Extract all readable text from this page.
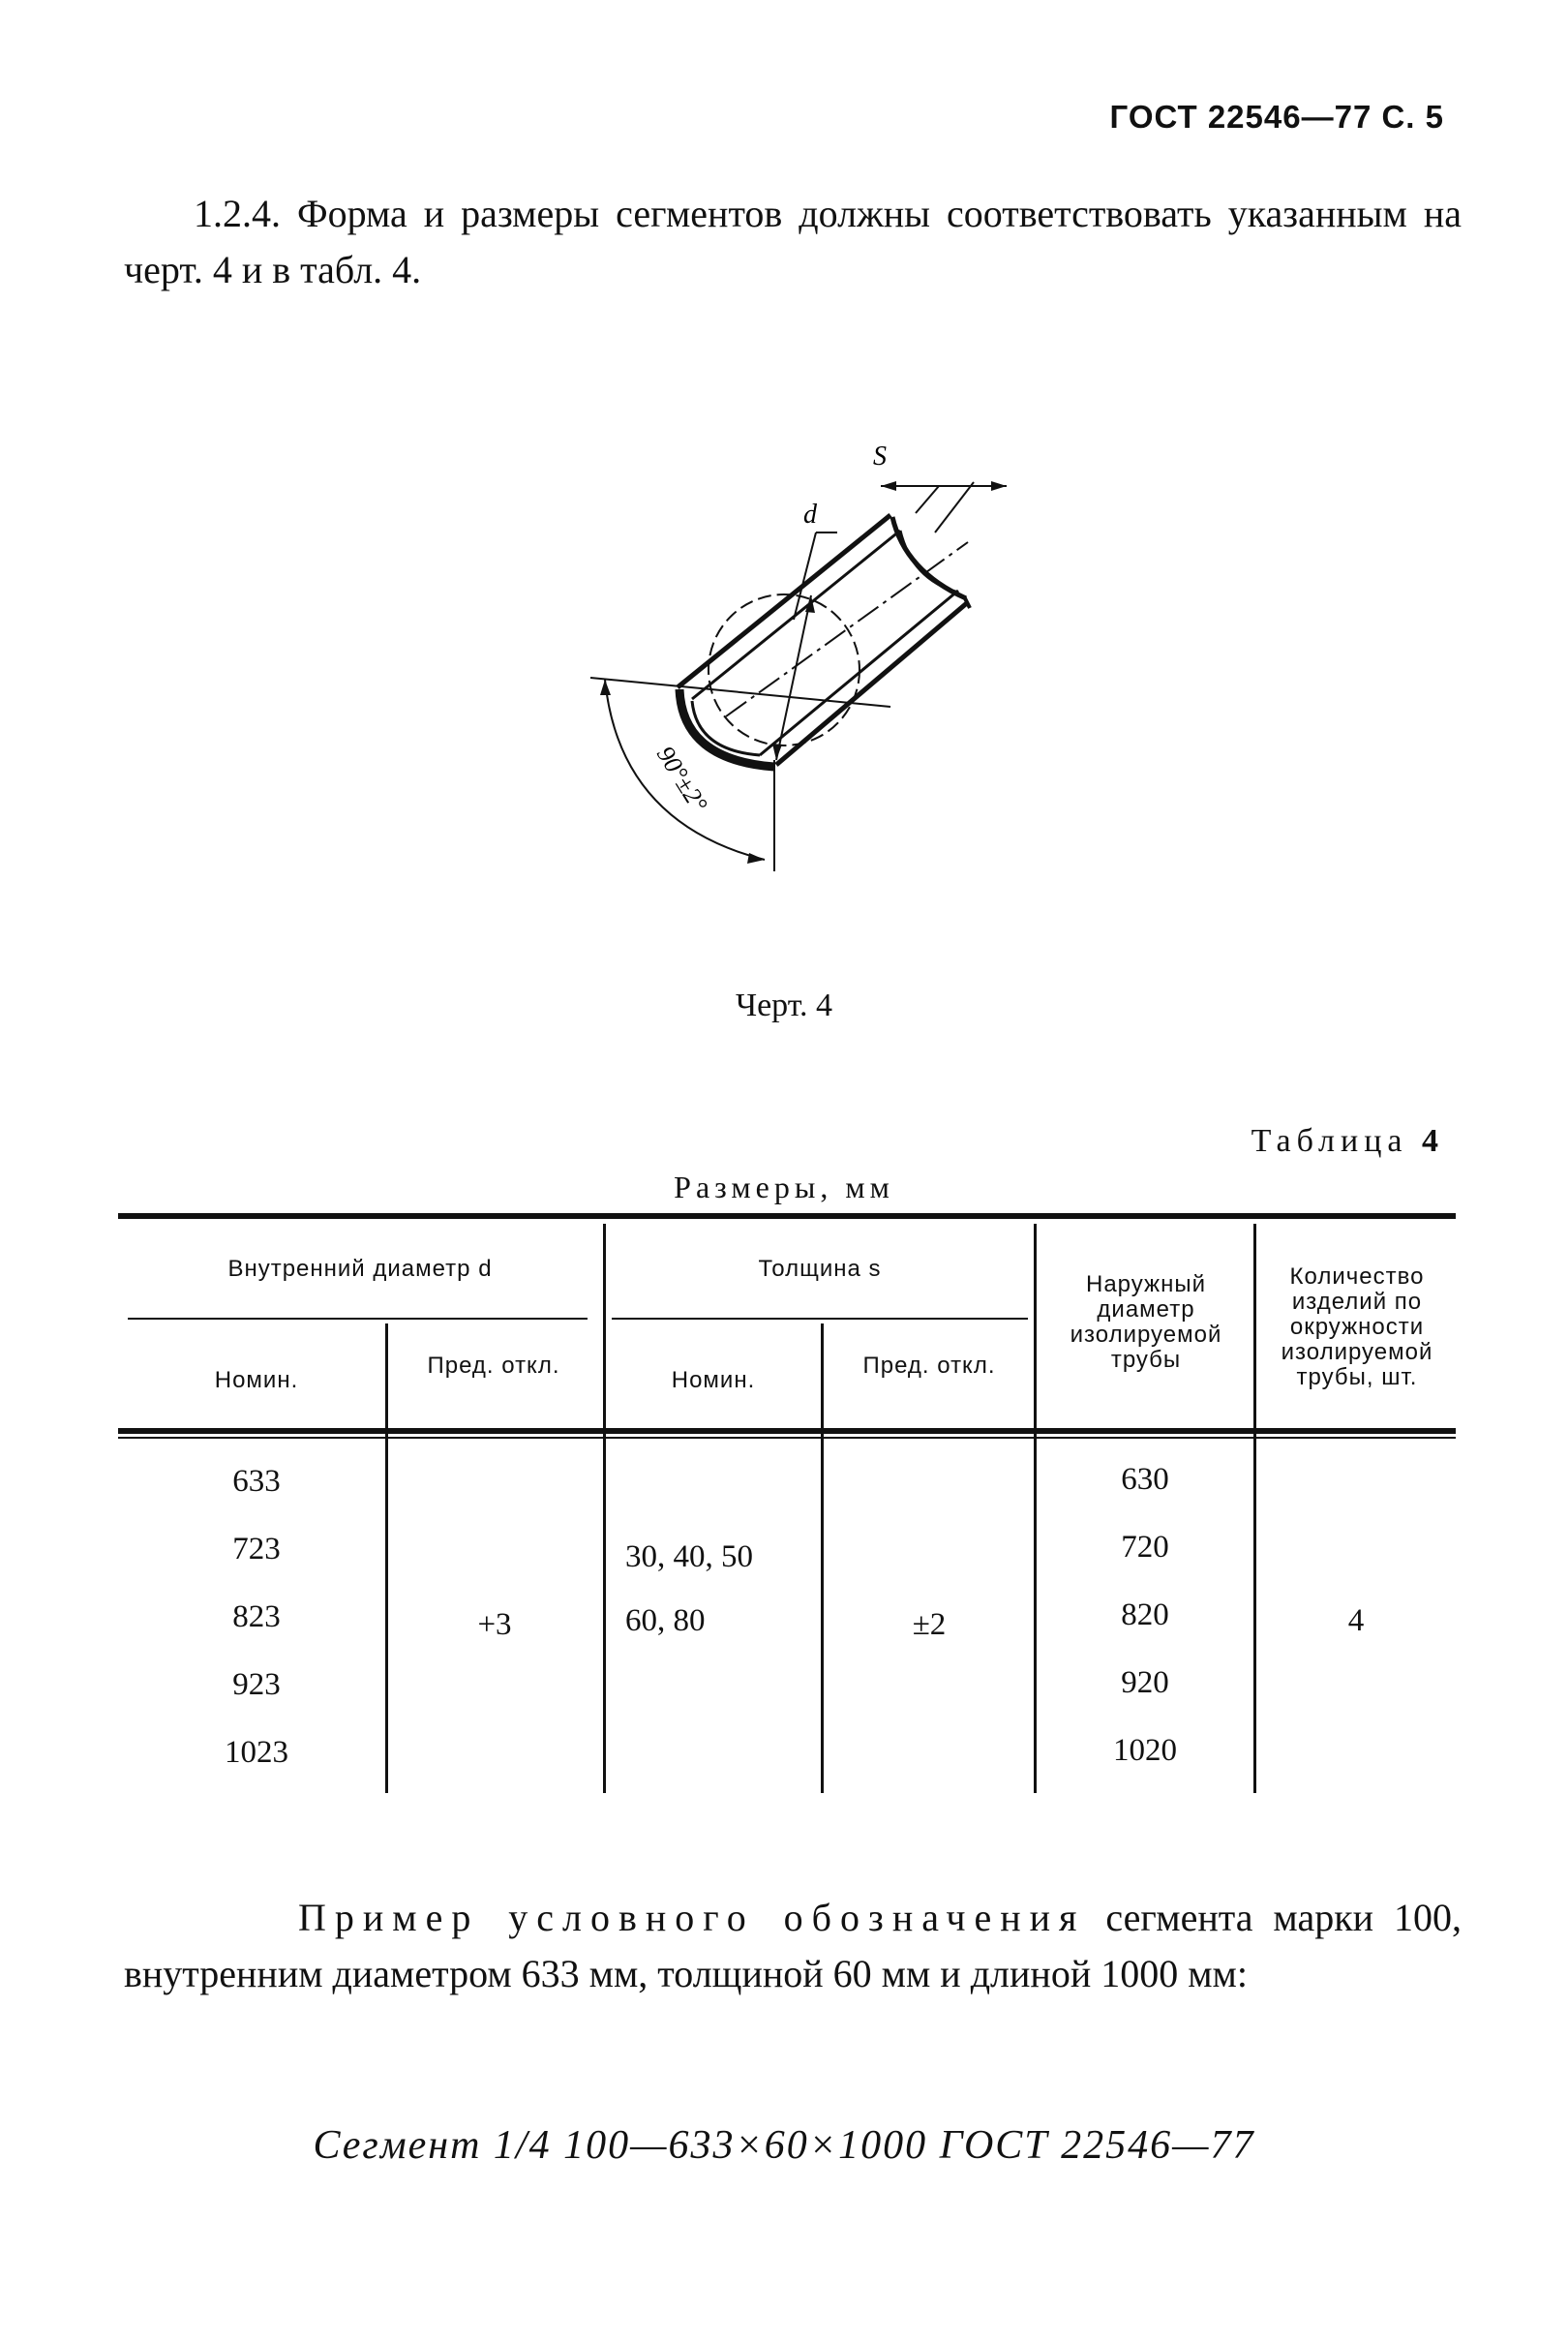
ГОСТ 22546—77 С. 5
1.2.4. Форма и размеры сегментов должны соответствовать указанным на черт. 4 и в табл. 4.
S
d
90°±2°
Черт. 4
Таблица 4
Размеры, мм
Внутренний диаметр d	Толщина s
Номин.
Пред. откл.
Номин.
Пред. откл.
Наружный диаметр изолируемой трубы
Количество изделий по окружности изолируемой трубы, шт.
633
723
823
923
1023
+3
30, 40, 50
60, 80	±2
630
720
820
920
1020
4
Пример условного обозначения сегмента марки 100, внутренним диаметром 633 мм, толщиной 60 мм и длиной 1000 мм:
Сегмент 1/4 100—633×60×1000 ГОСТ 22546—77
